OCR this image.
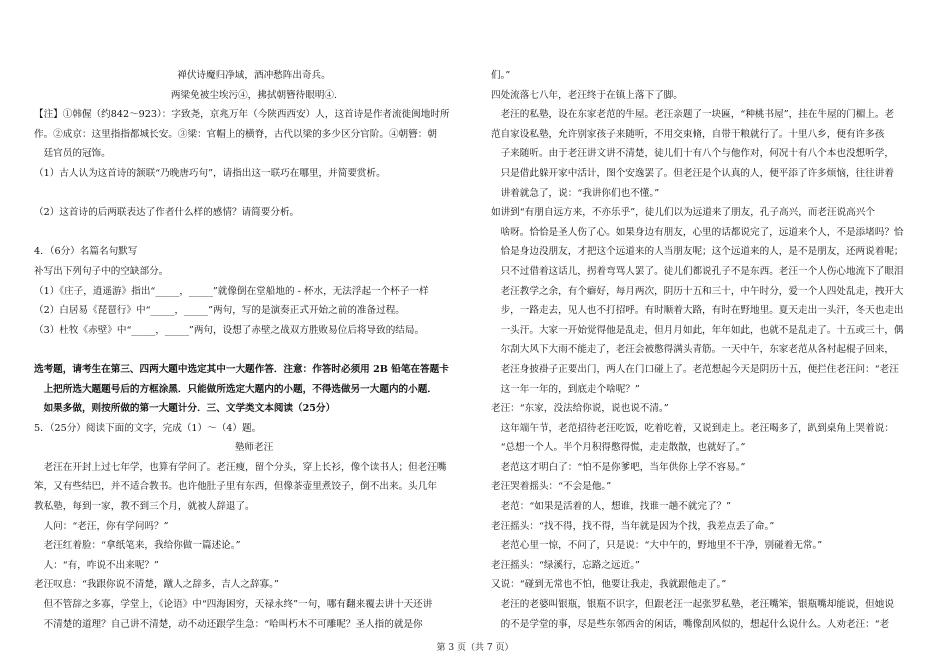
禅伏诗魔归净域，酒冲愁阵出奇兵。
两梁免被尘埃污④，拂拭朝簪待眼明④.
【注】①韩偓（约842～923）：字致尧，京兆万年（今陕西西安）人，这首诗是作者流徙闽地时所
作。②成京：这里指指都城长安。③梁：官帽上的横脊，古代以梁的多少区分官阶。④朝簪：朝
　廷官员的冠饰。
（1）古人认为这首诗的颔联“乃晚唐巧句”，请指出这一联巧在哪里，并简要赏析。
（2）这首诗的后两联表达了作者什么样的感情？请简要分析。
4．（6分）名篇名句默写
补写出下列句子中的空缺部分。
（1）《庄子，逍遥游》指出“_____，_____”就像倒在堂船地的 - 杯水，无法浮起一个杯子一样
（2）白居易《琵琶行》中“_____，_____”两句，写的是演奏正式开始之前的准备过程。
（3）杜牧《赤壁》中“_____，_____”两句，设想了赤壁之战双方胜败易位后将导致的结局。
选考题，请考生在第三、四两大题中选定其中一大题作答．注意：作答时必须用 2B 铅笔在答题卡
　上把所选大题题号后的方框涂黑．只能做所选定大题内的小题，不得选做另一大题内的小题．
　如果多做，则按所做的第一大题计分．三、文学类文本阅读（25分）
5．（25分）阅读下面的文字，完成（1）～（4）题。
塾师老汪
　老汪在开封上过七年学，也算有学问了。老汪瘦，留个分头，穿上长衫，像个读书人；但老汪嘴
笨，又有些结巴，并不适合教书。也许他肚子里有东西，但像茶壶里煮饺子，倒不出来。头几年
教私塾，每到一家，教不到三个月，就被人辞退了。
　人问：“老汪，你有学问吗？”
　老汪红着脸：“拿纸笔来，我给你做一篇述论。”
　人：“有，咋说不出来呢？”
老汪叹息：“我跟你说不清楚，蹴人之辞多，吉人之辞寡。”
　但不管辞之多寡，学堂上，《论语》中“四海困穷，天禄永终”一句，哪有翻来覆去讲十天还讲
　不清楚的道理？自己讲不清楚，动不动还跟学生急：“哈叫朽木不可雕呢？圣人指的就是你
们。”
四处流落七八年，老汪终于在镇上落下了脚。
　老汪的私塾，设在东家老范的牛屋。老汪亲题了一块匾，“种桃书屋”，挂在牛屋的门楣上。老
范自家设私塾，允许别家孩子来随听，不用交束脩，自带干粮就行了。十里八乡，便有许多孩
　子来随听。由于老汪讲文讲不清楚，徒儿们十有八个与他作对，何况十有八个本也没想听学，
　只是借此躲开家中活计，图个安逸罢了。但老汪是个认真的人，便平添了许多烦恼，往往讲着
　讲着就急了，说：“我讲你们也不懂。”
如讲到“有朋自远方来，不亦乐乎”，徒儿们以为远道来了朋友，孔子高兴，而老汪说高兴个
　啥呀。恰恰是圣人伤了心。如果身边有朋友，心里的话都说完了，远道来个人，不是添堵吗？恰
　恰是身边没朋友，才把这个远道来的人当朋友呢；这个远道来的人，是不是朋友，还两说着呢；
　只不过借着这话儿，拐着弯骂人罢了。徒儿们都说孔子不是东西。老汪一个人伤心地流下了眼泪
　老汪教学之余，有个癖好，每月两次，阴历十五和三十，中午时分，爱一个人四处乱走，拽开大
　步，一路走去，见人也不打招呼。有时顺着大路，有时在野地里。夏天走出一头汗，冬天也走出
　一头汗。大家一开始觉得他是乱走，但月月如此，年年如此，也就不是乱走了。十五或三十，偶
　尔刮大风下大雨不能走了，老汪会被憋得满头青筋。一天中午，东家老范从各村起棍子回来，
　老汪身披褂子正要出门，两人在门口碰上了。老范想起今天是阴历十五，便拦住老汪问：“老汪
　这一年一年的，到底走个啥呢？”
老汪：“东家，没法给你说，说也说不清。”
　这年端午节，老范招待老汪吃饭，吃着吃着，又说到走上。老汪喝多了，趴到桌角上哭着说：
　“总想一个人。半个月积得憋得慌，走走散散，也就好了。”
　老范这才明白了：“怕不是你爹吧，当年供你上学不容易。”
老汪哭着摇头：“不会是他。”
　老范：“如果是活着的人，想谁，找谁一趟不就完了？”
老汪摇头：“找不得，找不得，当年就是因为个找，我差点丢了命。”
　老范心里一惊，不问了，只是说：“大中午的，野地里不干净，别碰着无常。”
老汪摇头：“绿溪行，忘路之远近。”
又说：“碰到无常也不怕，他要让我走，我就跟他走了。”
　老汪的老婆叫银瓶，银瓶不识字，但跟老汪一起张罗私塾，老汪嘴笨，银瓶嘴却能说，但她说
　的不是学堂的事，尽是些东邻西舍的闲话，嘴像刮风似的，想起什么说什么。人劝老汪：“老
第 3 页（共 7 页）
